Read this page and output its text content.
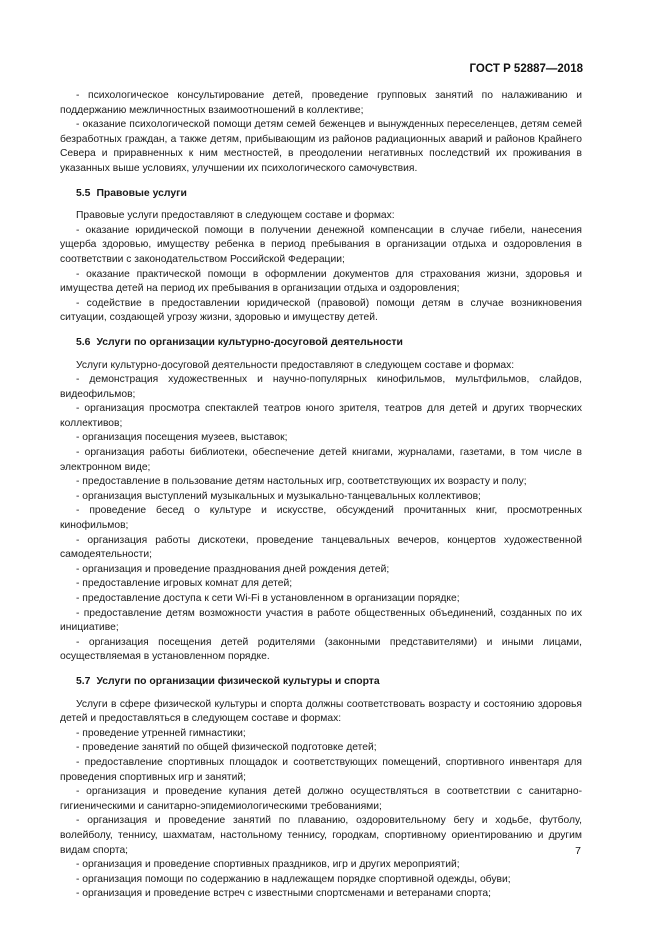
ГОСТ Р 52887—2018

- психологическое консультирование детей, проведение групповых занятий по налаживанию и поддержанию межличностных взаимоотношений в коллективе;

- оказание психологической помощи детям семей беженцев и вынужденных переселенцев, детям семей безработных граждан, а также детям, прибывающим из районов радиационных аварий и районов Крайнего Севера и приравненных к ним местностей, в преодолении негативных последствий их проживания в указанных выше условиях, улучшении их психологического самочувствия.

5.5 Правовые услуги

Правовые услуги предоставляют в следующем составе и формах:

- оказание юридической помощи в получении денежной компенсации в случае гибели, нанесения ущерба здоровью, имуществу ребенка в период пребывания в организации отдыха и оздоровления в соответствии с законодательством Российской Федерации;

- оказание практической помощи в оформлении документов для страхования жизни, здоровья и имущества детей на период их пребывания в организации отдыха и оздоровления;

- содействие в предоставлении юридической (правовой) помощи детям в случае возникновения ситуации, создающей угрозу жизни, здоровью и имуществу детей.

5.6 Услуги по организации культурно-досуговой деятельности

Услуги культурно-досуговой деятельности предоставляют в следующем составе и формах:

- демонстрация художественных и научно-популярных кинофильмов, мультфильмов, слайдов, видеофильмов;

- организация просмотра спектаклей театров юного зрителя, театров для детей и других творческих коллективов;

- организация посещения музеев, выставок;

- организация работы библиотеки, обеспечение детей книгами, журналами, газетами, в том числе в электронном виде;

- предоставление в пользование детям настольных игр, соответствующих их возрасту и полу;

- организация выступлений музыкальных и музыкально-танцевальных коллективов;

- проведение бесед о культуре и искусстве, обсуждений прочитанных книг, просмотренных кинофильмов;

- организация работы дискотеки, проведение танцевальных вечеров, концертов художественной самодеятельности;

- организация и проведение празднования дней рождения детей;

- предоставление игровых комнат для детей;

- предоставление доступа к сети Wi-Fi в установленном в организации порядке;

- предоставление детям возможности участия в работе общественных объединений, созданных по их инициативе;

- организация посещения детей родителями (законными представителями) и иными лицами, осуществляемая в установленном порядке.

5.7 Услуги по организации физической культуры и спорта

Услуги в сфере физической культуры и спорта должны соответствовать возрасту и состоянию здоровья детей и предоставляться в следующем составе и формах:

- проведение утренней гимнастики;

- проведение занятий по общей физической подготовке детей;

- предоставление спортивных площадок и соответствующих помещений, спортивного инвентаря для проведения спортивных игр и занятий;

- организация и проведение купания детей должно осуществляться в соответствии с санитарно-гигиеническими и санитарно-эпидемиологическими требованиями;

- организация и проведение занятий по плаванию, оздоровительному бегу и ходьбе, футболу, волейболу, теннису, шахматам, настольному теннису, городкам, спортивному ориентированию и другим видам спорта;

- организация и проведение спортивных праздников, игр и других мероприятий;

- организация помощи по содержанию в надлежащем порядке спортивной одежды, обуви;

- организация и проведение встреч с известными спортсменами и ветеранами спорта;

7
